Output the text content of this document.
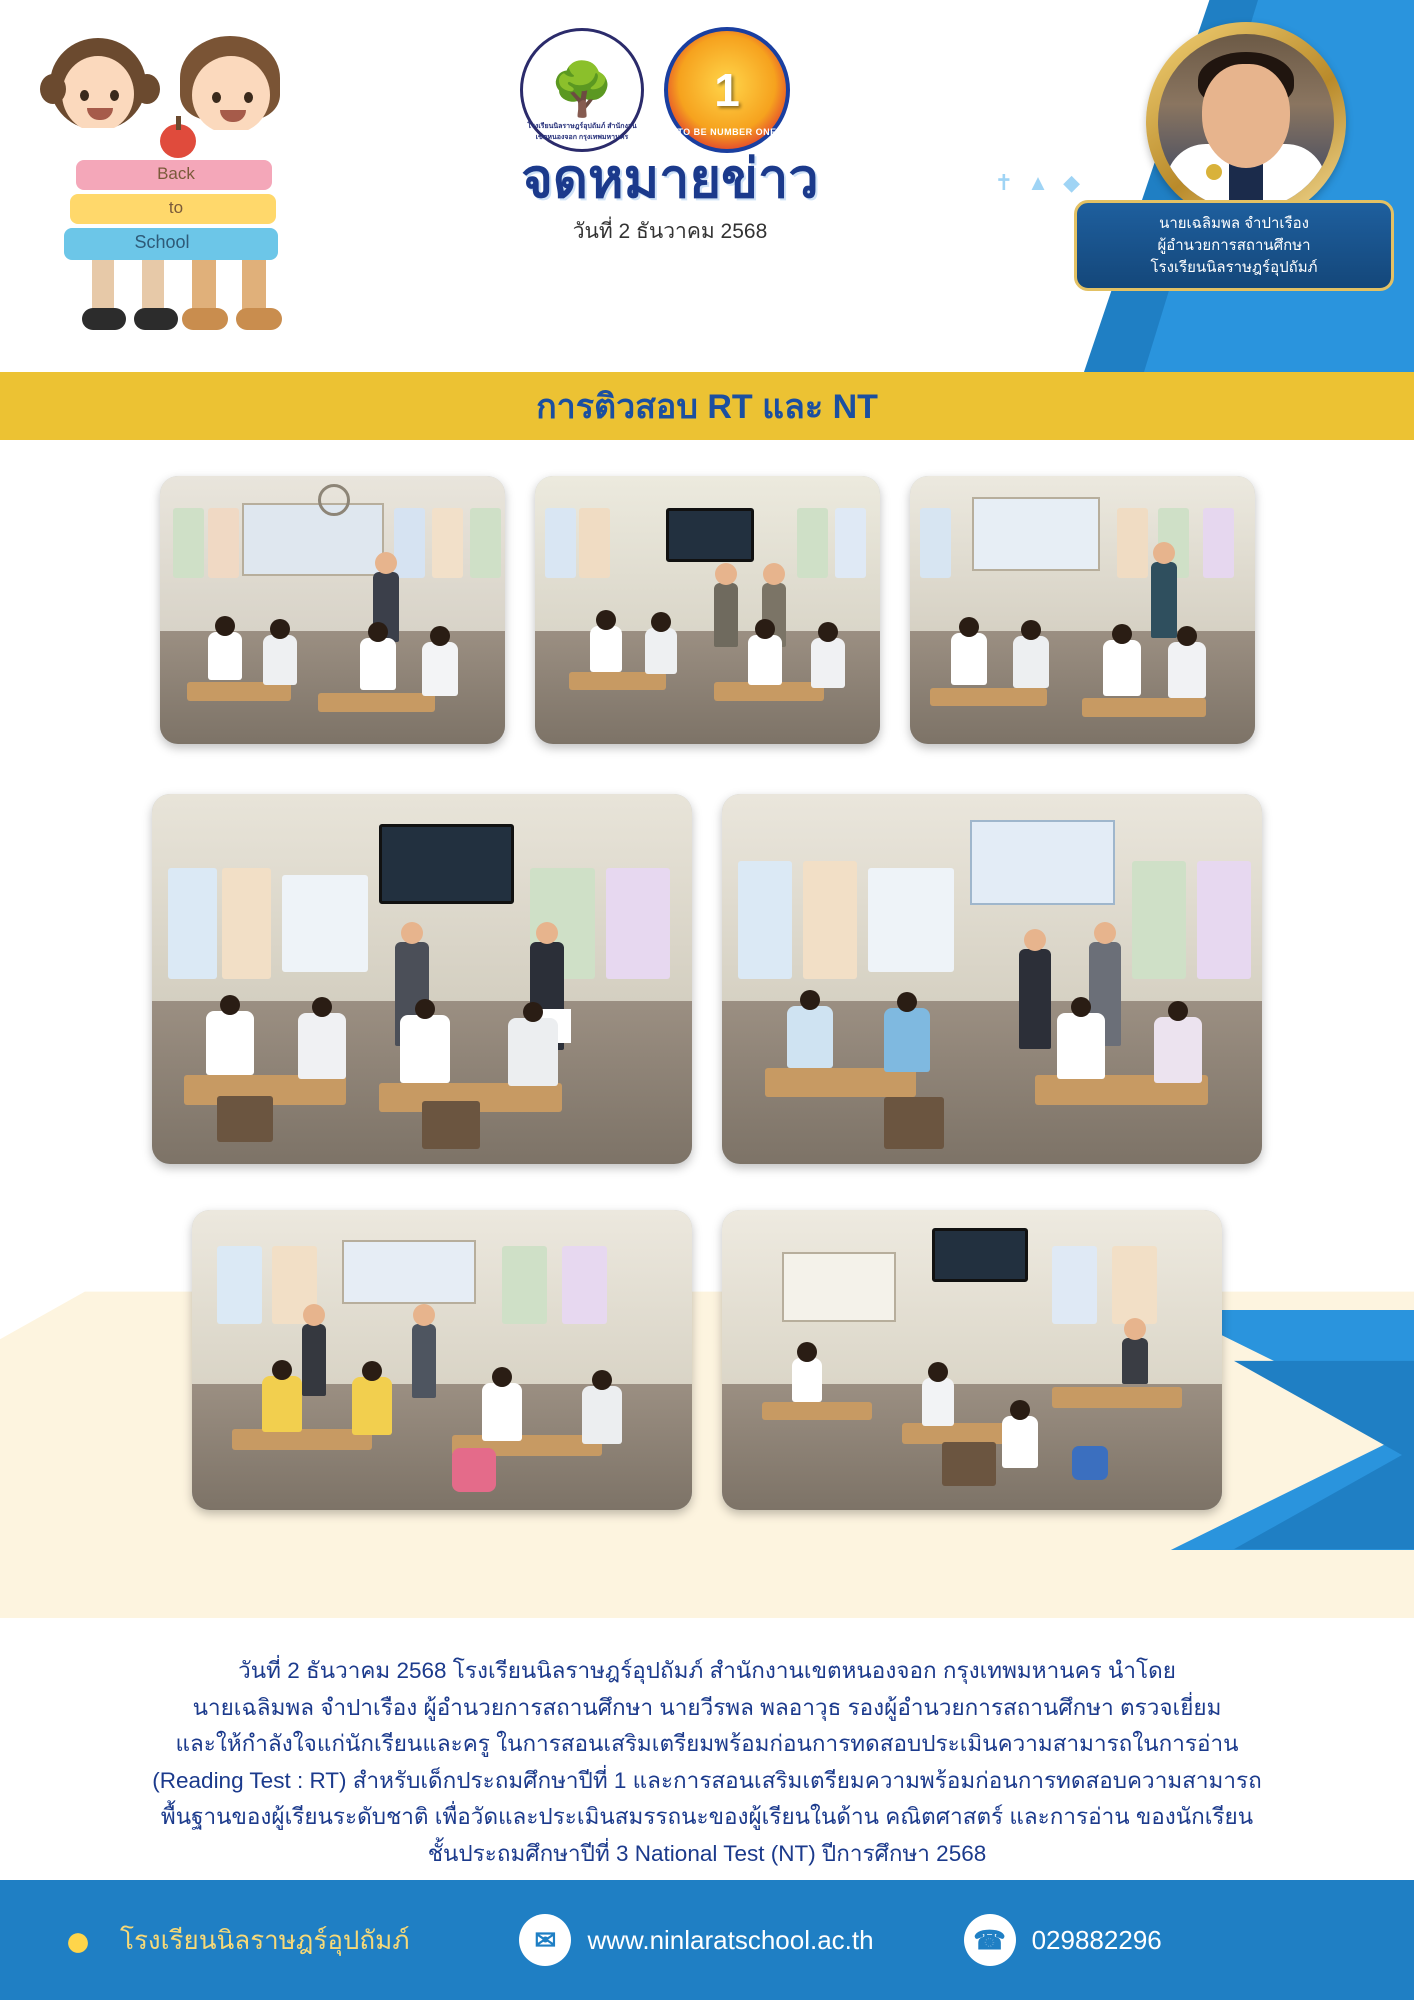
Back
to
School
🌳
โรงเรียนนิลราษฎร์อุปถัมภ์ สำนักงานเขตหนองจอก กรุงเทพมหานคร
1
TO BE NUMBER ONE
✝ ▲ ◆
จดหมายข่าว
วันที่ 2 ธันวาคม 2568	นายเฉลิมพล จำปาเรือง
ผู้อำนวยการสถานศึกษา
โรงเรียนนิลราษฎร์อุปถัมภ์
การติวสอบ RT และ NT
วันที่ 2 ธันวาคม 2568 โรงเรียนนิลราษฎร์อุปถัมภ์ สำนักงานเขตหนองจอก กรุงเทพมหานคร นำโดย
นายเฉลิมพล จำปาเรือง ผู้อำนวยการสถานศึกษา นายวีรพล พลอาวุธ รองผู้อำนวยการสถานศึกษา ตรวจเยี่ยม
และให้กำลังใจแก่นักเรียนและครู ในการสอนเสริมเตรียมพร้อมก่อนการทดสอบประเมินความสามารถในการอ่าน
(Reading Test : RT) สำหรับเด็กประถมศึกษาปีที่ 1 และการสอนเสริมเตรียมความพร้อมก่อนการทดสอบความสามารถ
พื้นฐานของผู้เรียนระดับชาติ เพื่อวัดและประเมินสมรรถนะของผู้เรียนในด้าน คณิตศาสตร์ และการอ่าน ของนักเรียน
ชั้นประถมศึกษาปีที่ 3 National Test (NT) ปีการศึกษา 2568
●	โรงเรียนนิลราษฎร์อุปถัมภ์	✉	www.ninlaratschool.ac.th	☎ 029882296
